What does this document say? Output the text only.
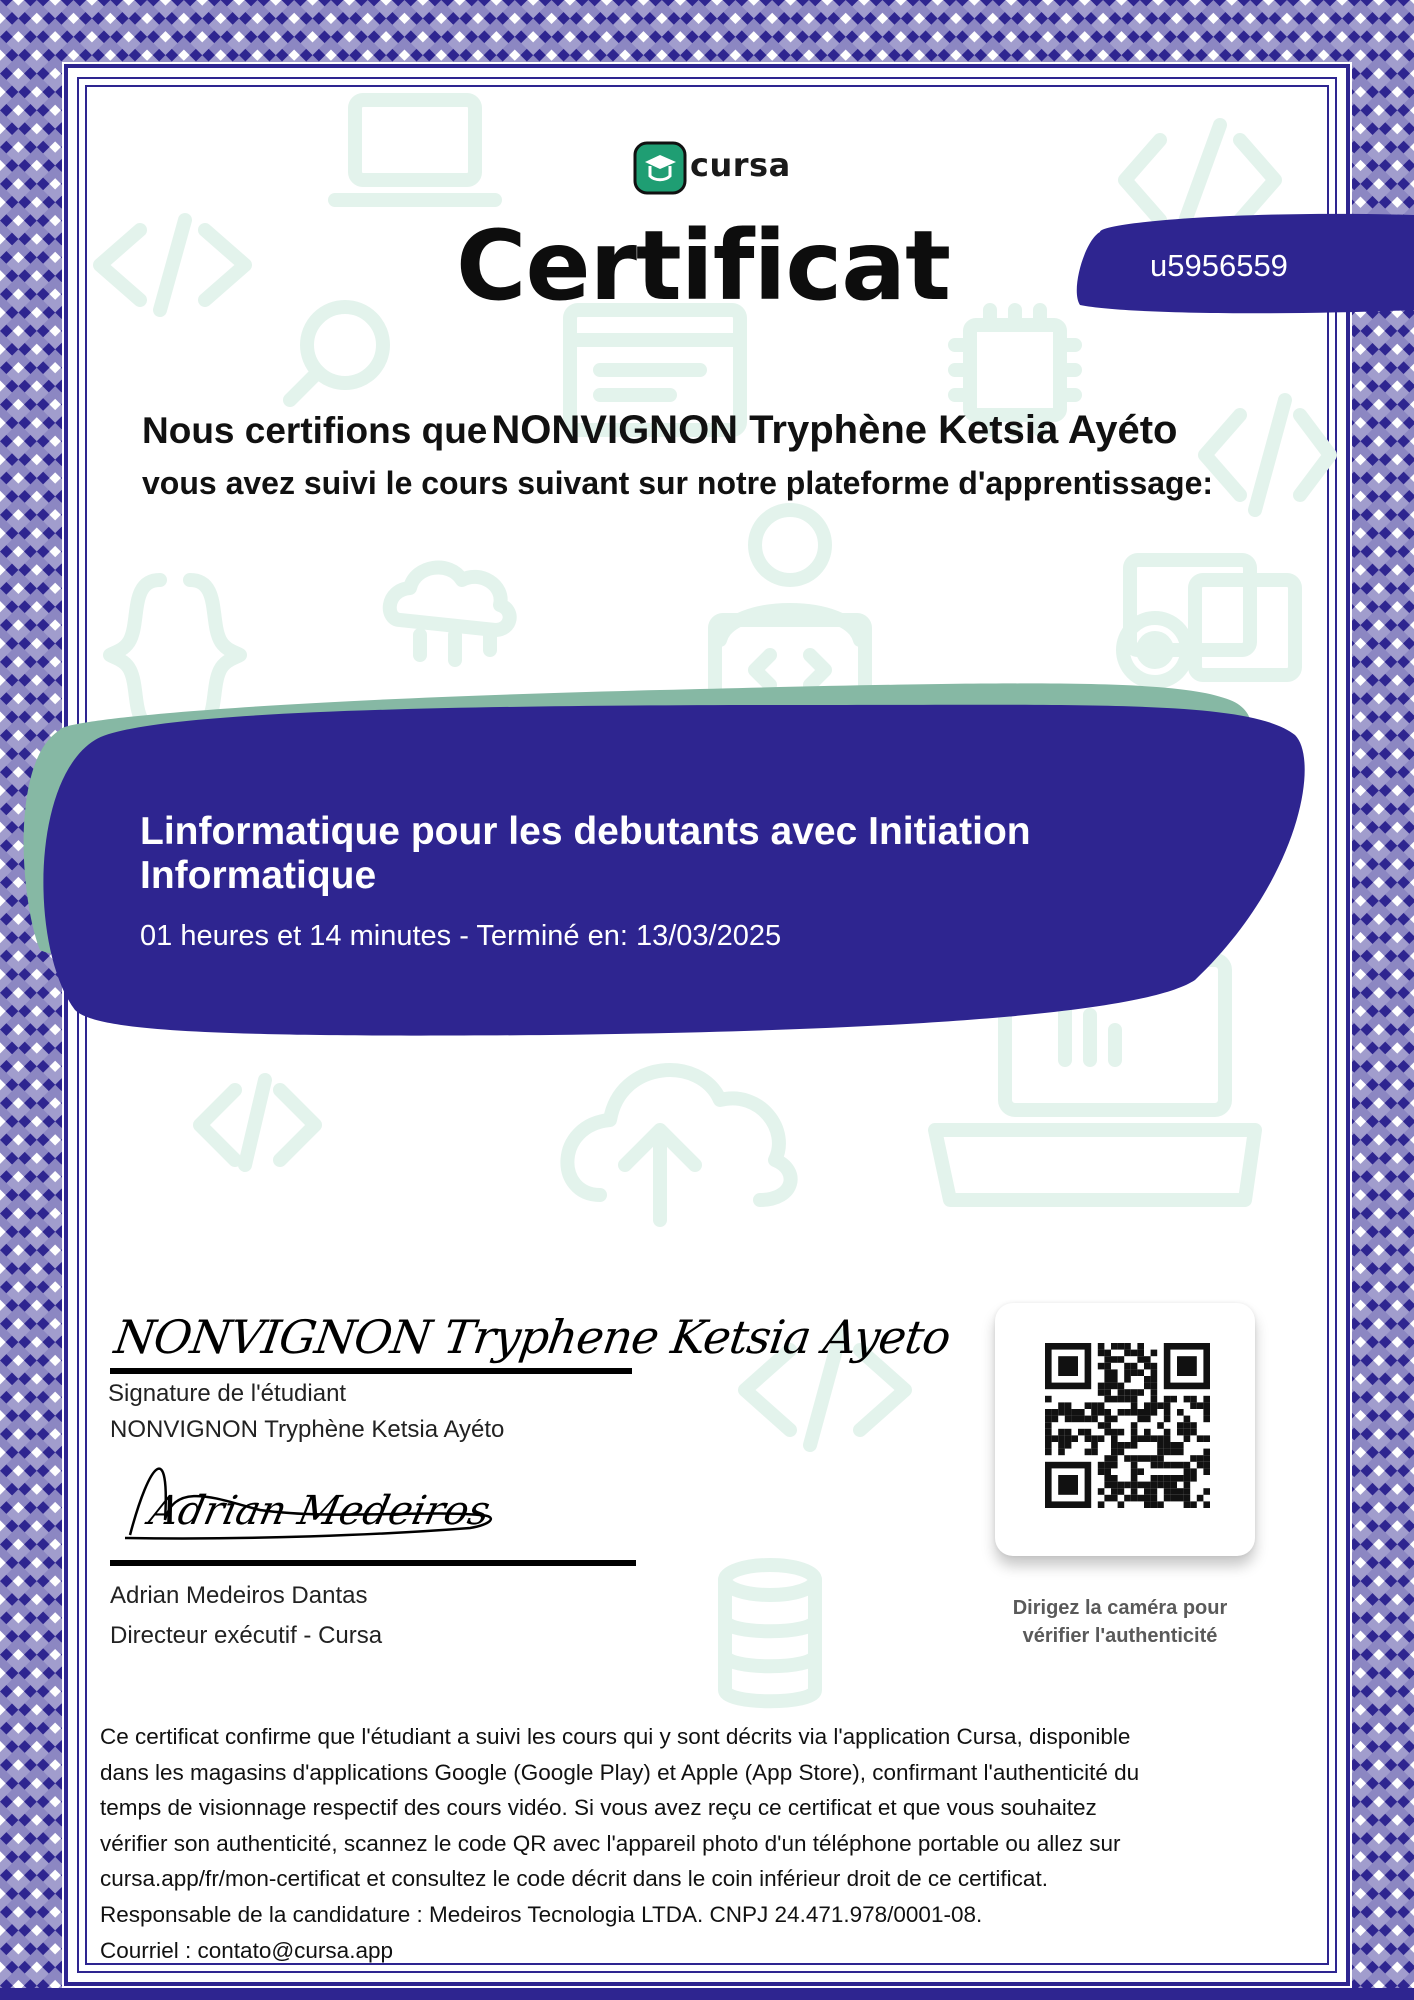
cursa
Certificat	u5956559
Nous certifions que NONVIGNON Tryphène Ketsia Ayéto
vous avez suivi le cours suivant sur notre plateforme d'apprentissage:
Linformatique pour les debutants avec Initiation Informatique
01 heures et 14 minutes - Terminé en: 13/03/2025
NONVIGNON Tryphene Ketsia Ayeto
Signature de l'étudiant
NONVIGNON Tryphène Ketsia Ayéto
Adrian Medeiros
Adrian Medeiros Dantas
Directeur exécutif - Cursa
Dirigez la caméra pour
vérifier l'authenticité
Ce certificat confirme que l'étudiant a suivi les cours qui y sont décrits via l'application Cursa, disponible
dans les magasins d'applications Google (Google Play) et Apple (App Store), confirmant l'authenticité du
temps de visionnage respectif des cours vidéo. Si vous avez reçu ce certificat et que vous souhaitez
vérifier son authenticité, scannez le code QR avec l'appareil photo d'un téléphone portable ou allez sur
cursa.app/fr/mon-certificat et consultez le code décrit dans le coin inférieur droit de ce certificat.
Responsable de la candidature : Medeiros Tecnologia LTDA. CNPJ 24.471.978/0001-08.
Courriel : contato@cursa.app
